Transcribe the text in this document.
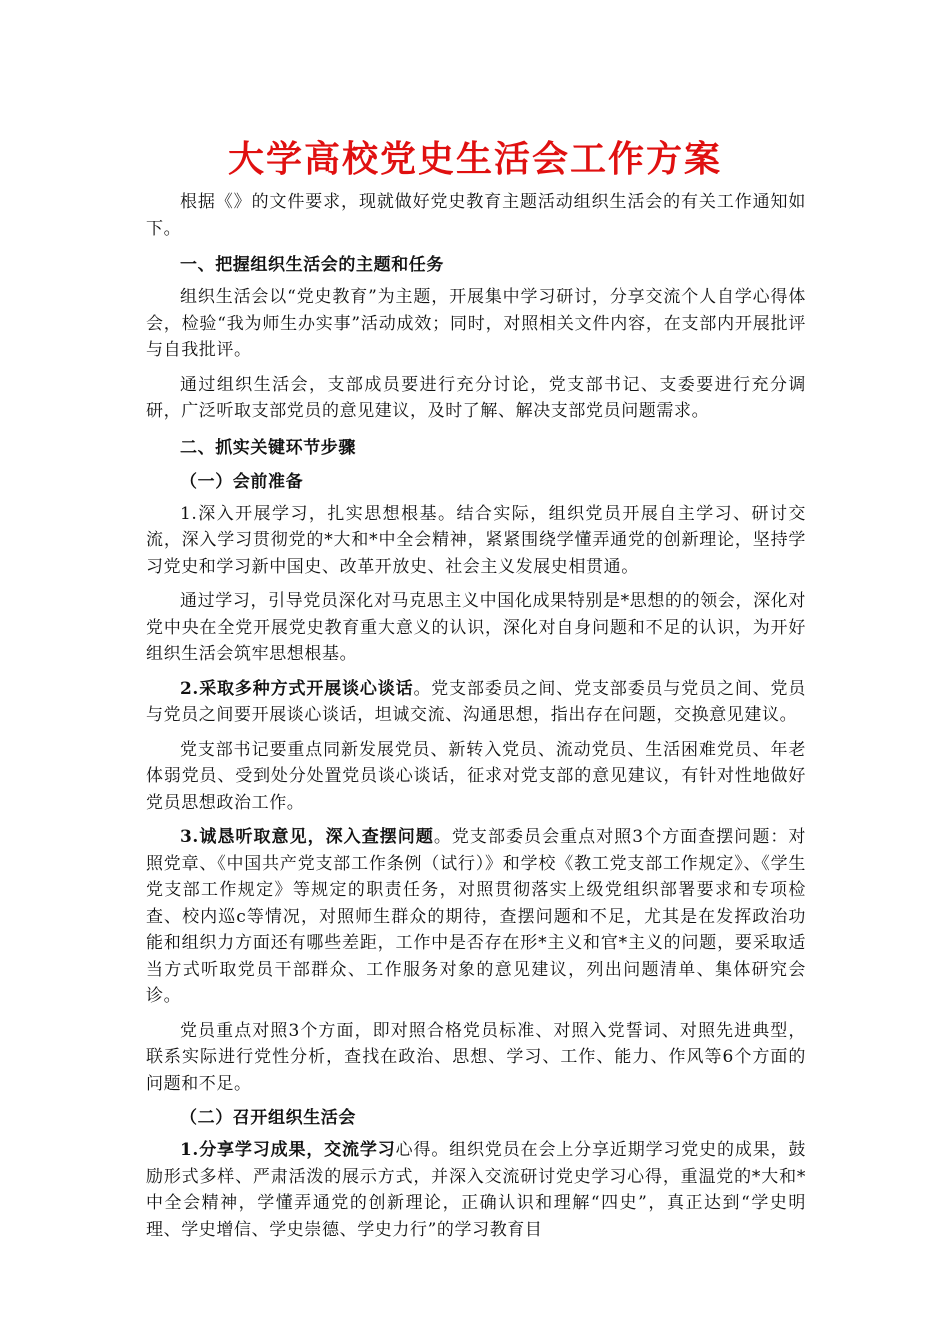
大学高校党史生活会工作方案

根据《》的文件要求，现就做好党史教育主题活动组织生活会的有关工作通知如下。

一、把握组织生活会的主题和任务

组织生活会以“党史教育”为主题，开展集中学习研讨，分享交流个人自学心得体会，检验“我为师生办实事”活动成效；同时，对照相关文件内容，在支部内开展批评与自我批评。

通过组织生活会，支部成员要进行充分讨论，党支部书记、支委要进行充分调研，广泛听取支部党员的意见建议，及时了解、解决支部党员问题需求。

二、抓实关键环节步骤
（一）会前准备

1.深入开展学习，扎实思想根基。结合实际，组织党员开展自主学习、研讨交流，深入学习贯彻党的*大和*中全会精神，紧紧围绕学懂弄通党的创新理论，坚持学习党史和学习新中国史、改革开放史、社会主义发展史相贯通。

通过学习，引导党员深化对马克思主义中国化成果特别是*思想的的领会，深化对党中央在全党开展党史教育重大意义的认识，深化对自身问题和不足的认识，为开好组织生活会筑牢思想根基。

2.采取多种方式开展谈心谈话。党支部委员之间、党支部委员与党员之间、党员与党员之间要开展谈心谈话，坦诚交流、沟通思想，指出存在问题，交换意见建议。

党支部书记要重点同新发展党员、新转入党员、流动党员、生活困难党员、年老体弱党员、受到处分处置党员谈心谈话，征求对党支部的意见建议，有针对性地做好党员思想政治工作。

3.诚恳听取意见，深入查摆问题。党支部委员会重点对照3个方面查摆问题：对照党章、《中国共产党支部工作条例（试行）》和学校《教工党支部工作规定》、《学生党支部工作规定》等规定的职责任务，对照贯彻落实上级党组织部署要求和专项检查、校内巡c等情况，对照师生群众的期待，查摆问题和不足，尤其是在发挥政治功能和组织力方面还有哪些差距，工作中是否存在形*主义和官*主义的问题，要采取适当方式听取党员干部群众、工作服务对象的意见建议，列出问题清单、集体研究会诊。

党员重点对照3个方面，即对照合格党员标准、对照入党誓词、对照先进典型，联系实际进行党性分析，查找在政治、思想、学习、工作、能力、作风等6个方面的问题和不足。

（二）召开组织生活会

1.分享学习成果，交流学习心得。组织党员在会上分享近期学习党史的成果，鼓励形式多样、严肃活泼的展示方式，并深入交流研讨党史学习心得，重温党的*大和*中全会精神，学懂弄通党的创新理论，正确认识和理解“四史”，真正达到“学史明理、学史增信、学史崇德、学史力行”的学习教育目
